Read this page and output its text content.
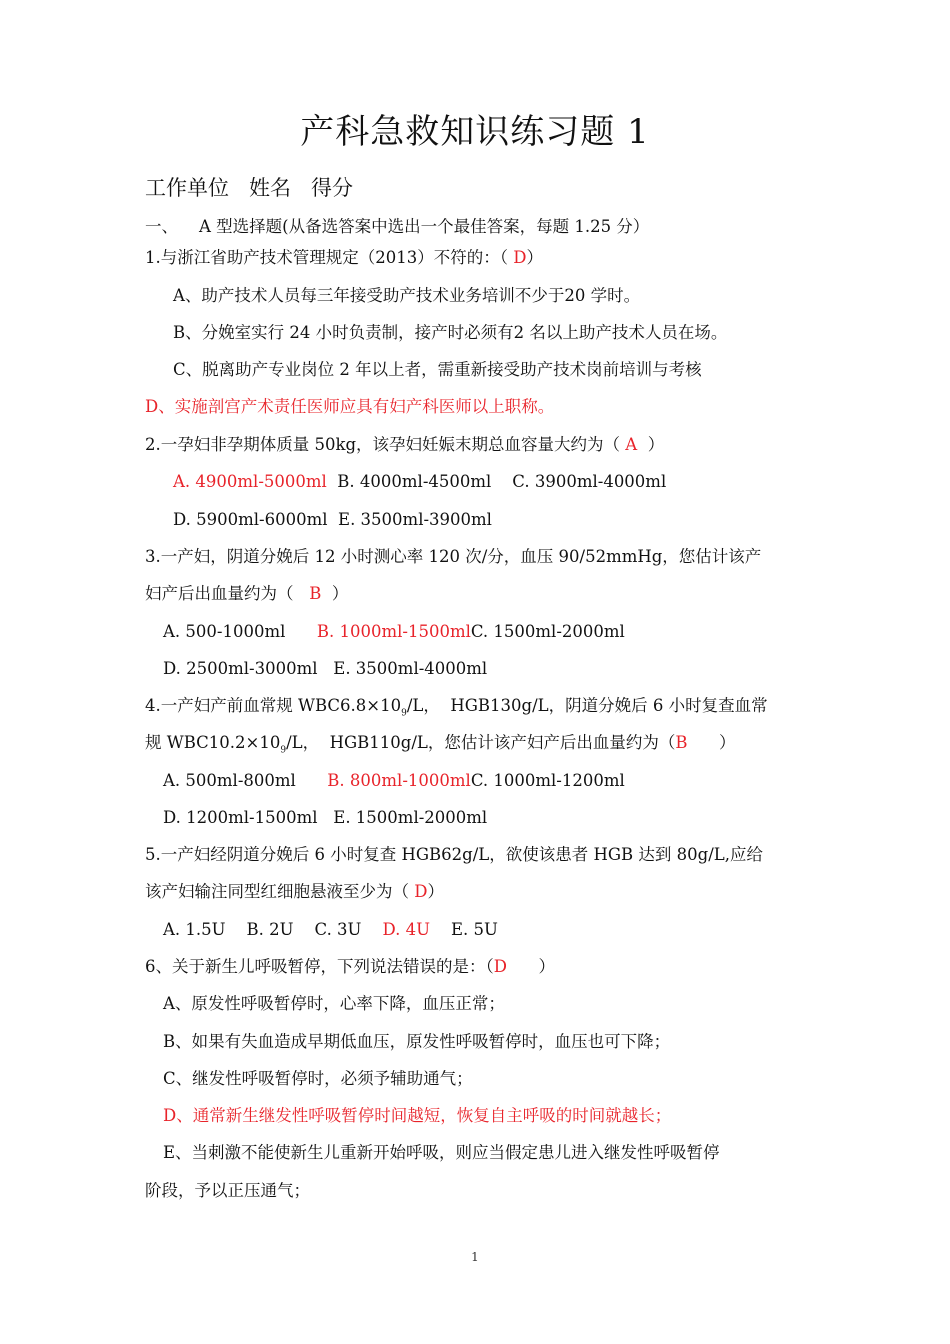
产科急救知识练习题 1
工作单位   姓名   得分
一、    A 型选择题(从备选答案中选出一个最佳答案，每题 1.25 分）
1.与浙江省助产技术管理规定（2013）不符的：（ D）
A、助产技术人员每三年接受助产技术业务培训不少于20 学时。
B、分娩室实行 24 小时负责制，接产时必须有2 名以上助产技术人员在场。
C、脱离助产专业岗位 2 年以上者，需重新接受助产技术岗前培训与考核
D、实施剖宫产术责任医师应具有妇产科医师以上职称。
2.一孕妇非孕期体质量 50kg，该孕妇妊娠末期总血容量大约为（ A  ）
A. 4900ml-5000ml  B. 4000ml-4500ml    C. 3900ml-4000ml
D. 5900ml-6000ml  E. 3500ml-3900ml
3.一产妇，阴道分娩后 12 小时测心率 120 次/分，血压 90/52mmHg，您估计该产
妇产后出血量约为（   B  ）
A. 500-1000ml      B. 1000ml-1500mlC. 1500ml-2000ml
D. 2500ml-3000ml   E. 3500ml-4000ml
4.一产妇产前血常规 $WBC6.8\times 10_9/L$，  HGB130g/L，阴道分娩后 6 小时复查血常
规 $WBC10.2\times 10_9/L$，  HGB110g/L，您估计该产妇产后出血量约为（B      ）
A. 500ml-800ml      B. 800ml-1000mlC. 1000ml-1200ml
D. 1200ml-1500ml   E. 1500ml-2000ml
5.一产妇经阴道分娩后 6 小时复查 HGB62g/L，欲使该患者 HGB 达到 80g/L,应给
该产妇输注同型红细胞悬液至少为（ D）
A. 1.5U    B. 2U    C. 3U    D. 4U    E. 5U
6、关于新生儿呼吸暂停，下列说法错误的是：（D      ）
A、原发性呼吸暂停时，心率下降，血压正常；
B、如果有失血造成早期低血压，原发性呼吸暂停时，血压也可下降；
C、继发性呼吸暂停时，必须予辅助通气；
D、通常新生继发性呼吸暂停时间越短，恢复自主呼吸的时间就越长；
E、当刺激不能使新生儿重新开始呼吸，则应当假定患儿进入继发性呼吸暂停
阶段，予以正压通气；
1
